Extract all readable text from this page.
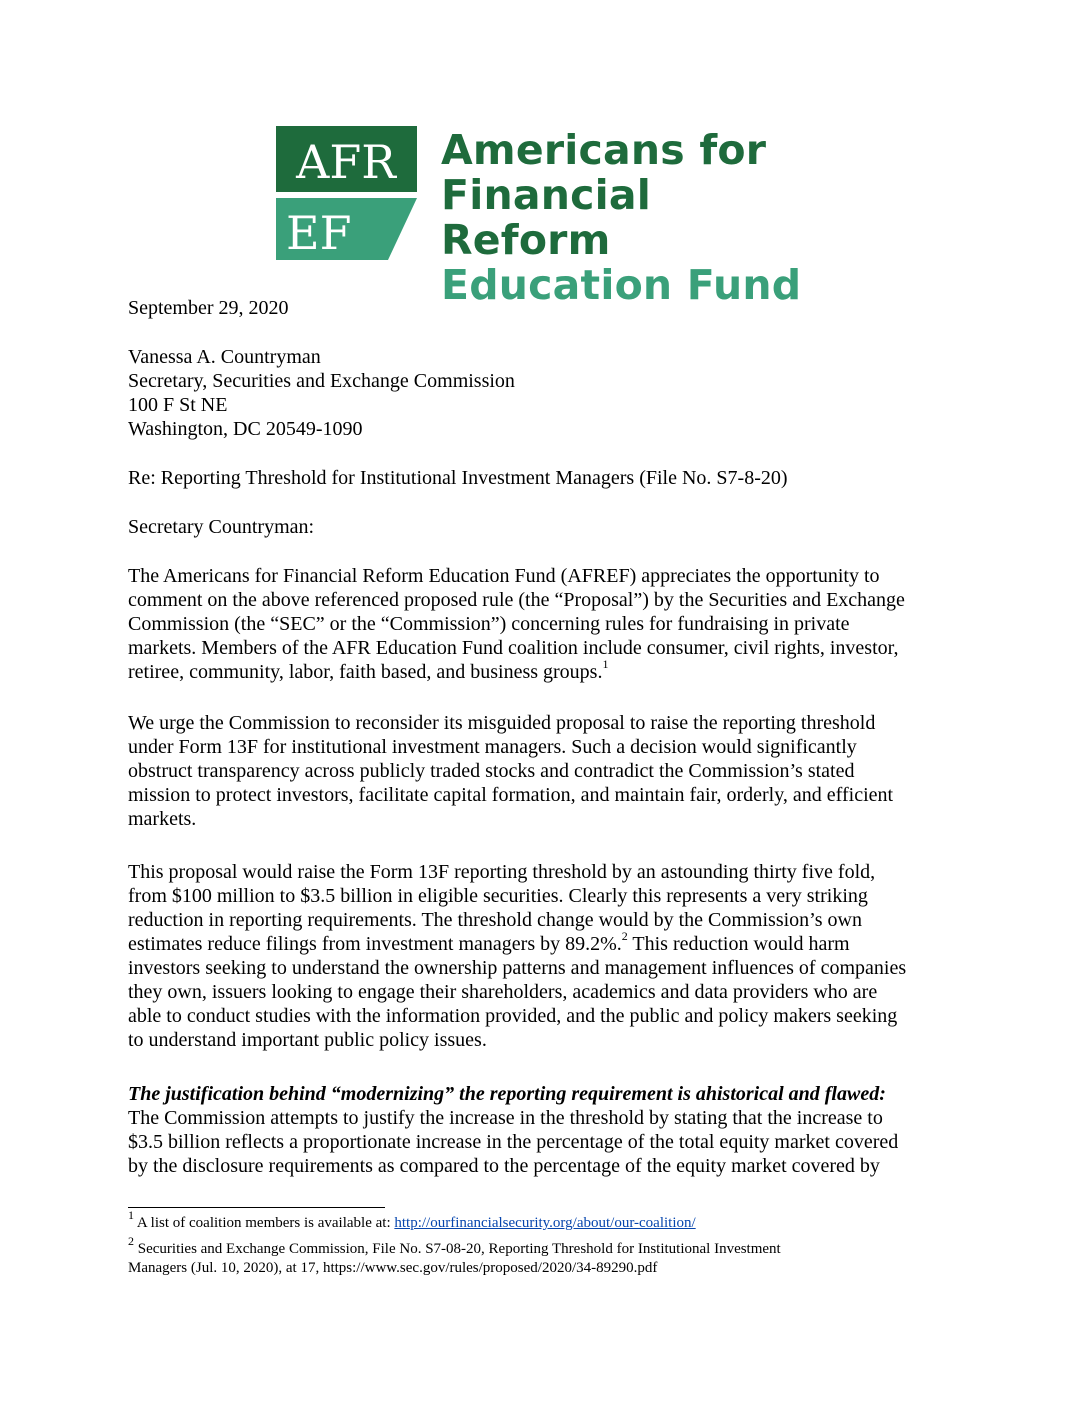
AFR
EF
Americans for
Financial Reform
Education Fund

September 29, 2020

Vanessa A. Countryman
Secretary, Securities and Exchange Commission
100 F St NE
Washington, DC 20549-1090

Re: Reporting Threshold for Institutional Investment Managers (File No. S7-8-20)

Secretary Countryman:

The Americans for Financial Reform Education Fund (AFREF) appreciates the opportunity to
comment on the above referenced proposed rule (the “Proposal”) by the Securities and Exchange
Commission (the “SEC” or the “Commission”) concerning rules for fundraising in private
markets. Members of the AFR Education Fund coalition include consumer, civil rights, investor,
retiree, community, labor, faith based, and business groups.$^1$
We urge the Commission to reconsider its misguided proposal to raise the reporting threshold
under Form 13F for institutional investment managers. Such a decision would significantly
obstruct transparency across publicly traded stocks and contradict the Commission’s stated
mission to protect investors, facilitate capital formation, and maintain fair, orderly, and efficient
markets.
This proposal would raise the Form 13F reporting threshold by an astounding thirty five fold,
from $100 million to $3.5 billion in eligible securities. Clearly this represents a very striking
reduction in reporting requirements. The threshold change would by the Commission’s own
estimates reduce filings from investment managers by 89.2%.$^2$ This reduction would harm
investors seeking to understand the ownership patterns and management influences of companies
they own, issuers looking to engage their shareholders, academics and data providers who are
able to conduct studies with the information provided, and the public and policy makers seeking
to understand important public policy issues.
The justification behind “modernizing” the reporting requirement is ahistorical and flawed:
The Commission attempts to justify the increase in the threshold by stating that the increase to
$3.5 billion reflects a proportionate increase in the percentage of the total equity market covered
by the disclosure requirements as compared to the percentage of the equity market covered by
$^1$ A list of coalition members is available at: http://ourfinancialsecurity.org/about/our-coalition/
$^2$ Securities and Exchange Commission, File No. S7-08-20, Reporting Threshold for Institutional Investment
Managers (Jul. 10, 2020), at 17, https://www.sec.gov/rules/proposed/2020/34-89290.pdf
